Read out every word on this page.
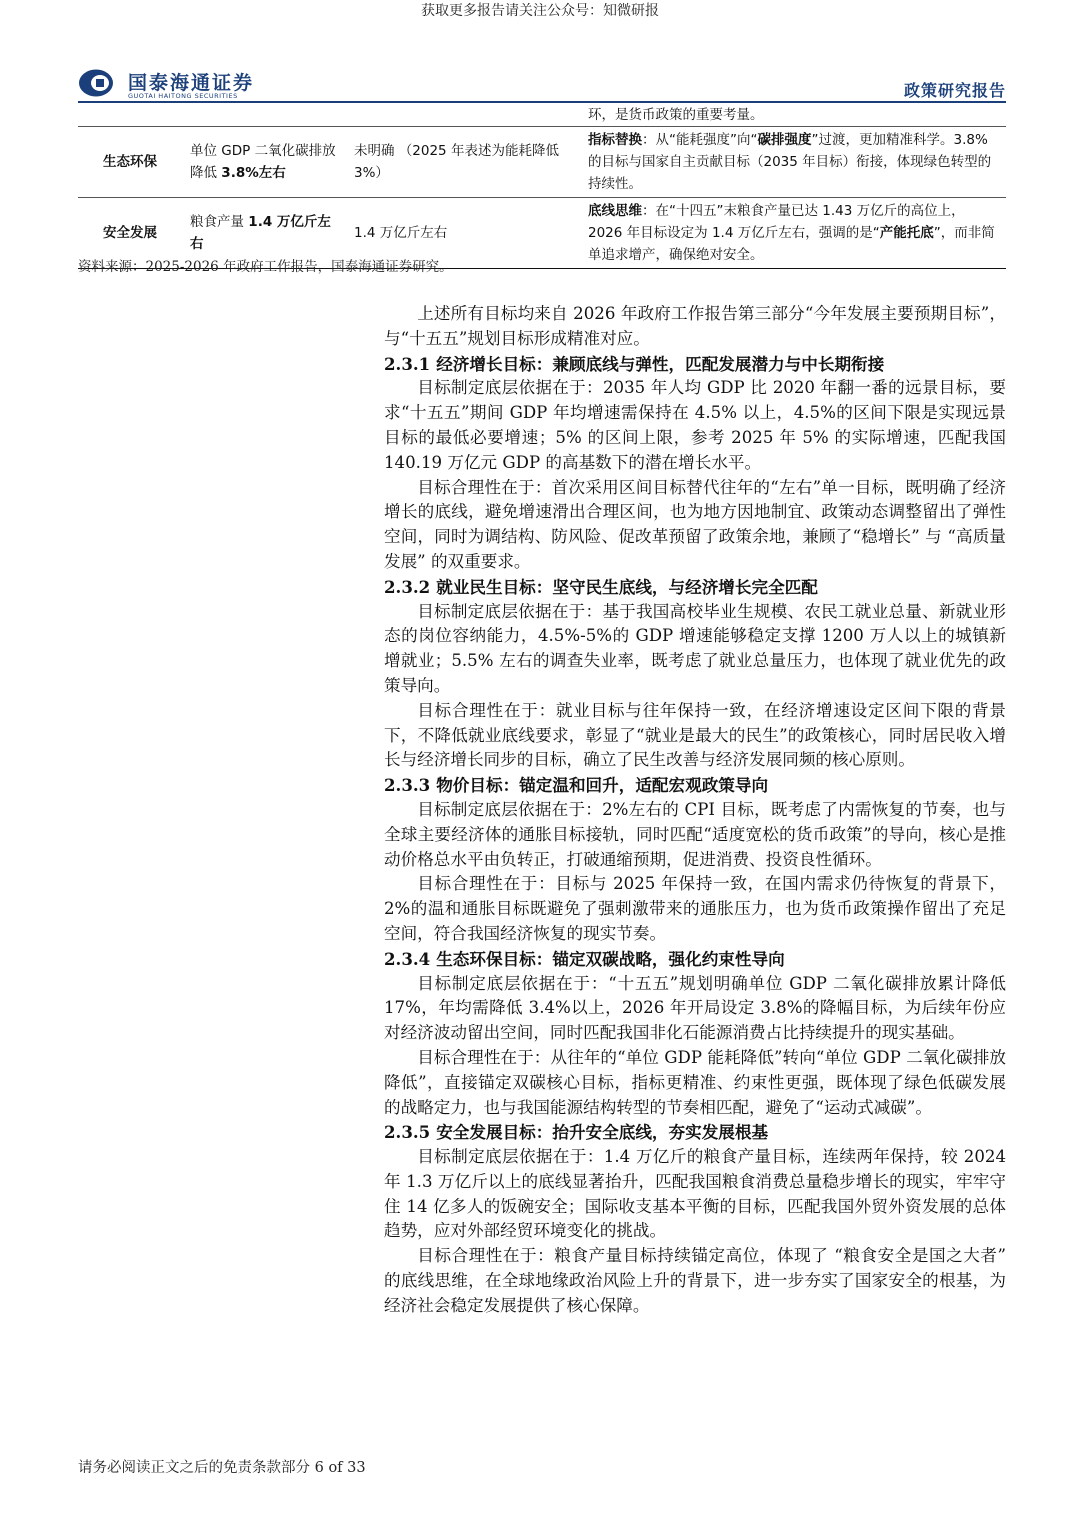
获取更多报告请关注公众号：知微研报
国泰海通证券
GUOTAI HAITONG SECURITIES	政策研究报告
			环，是货币政策的重要考量。
生态环保	单位 GDP 二氧化碳排放降低 3.8%左右	未明确 （2025 年表述为能耗降低 3%）	指标替换：从“能耗强度”向“碳排强度”过渡，更加精准科学。3.8%的目标与国家自主贡献目标（2035 年目标）衔接，体现绿色转型的持续性。
安全发展	粮食产量 1.4 万亿斤左右	1.4 万亿斤左右	底线思维：在“十四五”末粮食产量已达 1.43 万亿斤的高位上，2026 年目标设定为 1.4 万亿斤左右，强调的是“产能托底”，而非简单追求增产，确保绝对安全。
资料来源：2025-2026 年政府工作报告，国泰海通证券研究。

上述所有目标均来自 2026 年政府工作报告第三部分“今年发展主要预期目标”，与“十五五”规划目标形成精准对应。

2.3.1 经济增长目标：兼顾底线与弹性，匹配发展潜力与中长期衔接

目标制定底层依据在于：2035 年人均 GDP 比 2020 年翻一番的远景目标，要求“十五五”期间 GDP 年均增速需保持在 4.5% 以上，4.5%的区间下限是实现远景目标的最低必要增速；5% 的区间上限，参考 2025 年 5% 的实际增速，匹配我国 140.19 万亿元 GDP 的高基数下的潜在增长水平。

目标合理性在于：首次采用区间目标替代往年的“左右”单一目标，既明确了经济增长的底线，避免增速滑出合理区间，也为地方因地制宜、政策动态调整留出了弹性空间，同时为调结构、防风险、促改革预留了政策余地，兼顾了“稳增长” 与 “高质量发展” 的双重要求。

2.3.2 就业民生目标：坚守民生底线，与经济增长完全匹配

目标制定底层依据在于：基于我国高校毕业生规模、农民工就业总量、新就业形态的岗位容纳能力，4.5%-5%的 GDP 增速能够稳定支撑 1200 万人以上的城镇新增就业；5.5% 左右的调查失业率，既考虑了就业总量压力，也体现了就业优先的政策导向。

目标合理性在于：就业目标与往年保持一致，在经济增速设定区间下限的背景下，不降低就业底线要求，彰显了“就业是最大的民生”的政策核心，同时居民收入增长与经济增长同步的目标，确立了民生改善与经济发展同频的核心原则。

2.3.3 物价目标：锚定温和回升，适配宏观政策导向

目标制定底层依据在于：2%左右的 CPI 目标，既考虑了内需恢复的节奏，也与全球主要经济体的通胀目标接轨，同时匹配“适度宽松的货币政策”的导向，核心是推动价格总水平由负转正，打破通缩预期，促进消费、投资良性循环。

目标合理性在于：目标与 2025 年保持一致，在国内需求仍待恢复的背景下，2%的温和通胀目标既避免了强刺激带来的通胀压力，也为货币政策操作留出了充足空间，符合我国经济恢复的现实节奏。

2.3.4 生态环保目标：锚定双碳战略，强化约束性导向

目标制定底层依据在于：“十五五”规划明确单位 GDP 二氧化碳排放累计降低 17%，年均需降低 3.4%以上，2026 年开局设定 3.8%的降幅目标，为后续年份应对经济波动留出空间，同时匹配我国非化石能源消费占比持续提升的现实基础。

目标合理性在于：从往年的“单位 GDP 能耗降低”转向“单位 GDP 二氧化碳排放降低”，直接锚定双碳核心目标，指标更精准、约束性更强，既体现了绿色低碳发展的战略定力，也与我国能源结构转型的节奏相匹配，避免了“运动式减碳”。

2.3.5 安全发展目标：抬升安全底线，夯实发展根基

目标制定底层依据在于：1.4 万亿斤的粮食产量目标，连续两年保持，较 2024 年 1.3 万亿斤以上的底线显著抬升，匹配我国粮食消费总量稳步增长的现实，牢牢守住 14 亿多人的饭碗安全；国际收支基本平衡的目标，匹配我国外贸外资发展的总体趋势，应对外部经贸环境变化的挑战。

目标合理性在于：粮食产量目标持续锚定高位，体现了 “粮食安全是国之大者” 的底线思维，在全球地缘政治风险上升的背景下，进一步夯实了国家安全的根基，为经济社会稳定发展提供了核心保障。

请务必阅读正文之后的免责条款部分 6 of 33
